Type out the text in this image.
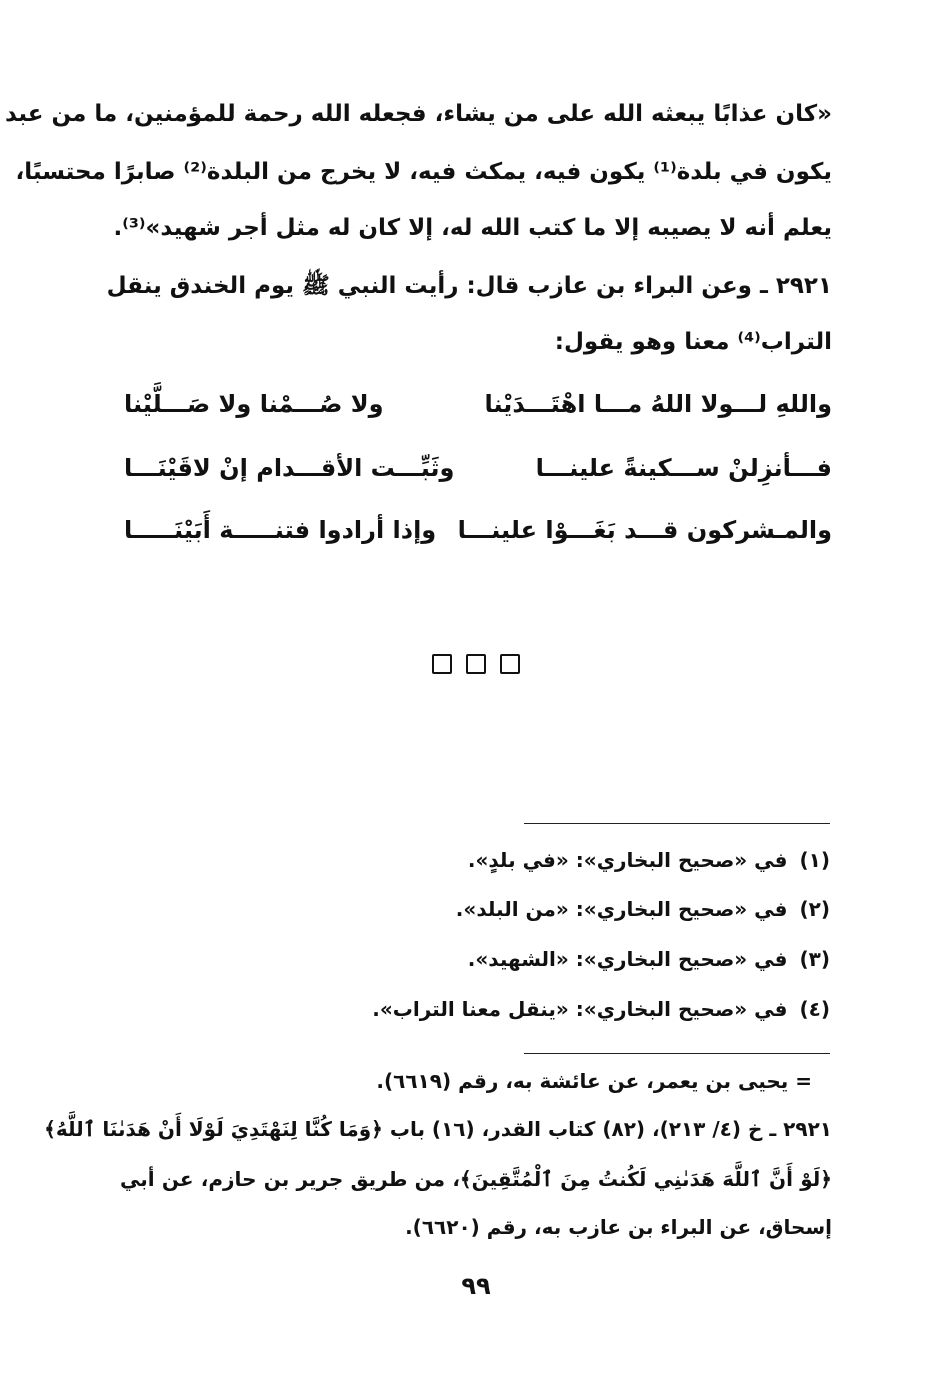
«كان عذابًا يبعثه الله على من يشاء، فجعله الله رحمة للمؤمنين، ما من عبد
يكون في بلدة⁽¹⁾ يكون فيه، يمكث فيه، لا يخرج من البلدة⁽²⁾ صابرًا محتسبًا،
يعلم أنه لا يصيبه إلا ما كتب الله له، إلا كان له مثل أجر شهيد»⁽³⁾.
٢٩٢١ ـ وعن البراء بن عازب قال: رأيت النبي ﷺ يوم الخندق ينقل
التراب⁽⁴⁾ معنا وهو يقول:
واللهِ لـــولا اللهُ مـــا اهْتَـــدَيْنا
ولا صُـــمْنا ولا صَـــلَّيْنا
فـــأنزِلنْ ســـكينةً علينـــا
وثَبِّـــت الأقـــدام إنْ لاقَيْنَـــا
والمـشركون قـــد بَغَـــوْا علينـــا
وإذا أرادوا فتنـــــة أَبَيْنَـــــا
(١)في «صحيح البخاري»: «في بلدٍ».
(٢)في «صحيح البخاري»: «من البلد».
(٣)في «صحيح البخاري»: «الشهيد».
(٤)في «صحيح البخاري»: «ينقل معنا التراب».
= يحيى بن يعمر، عن عائشة به، رقم (٦٦١٩).
٢٩٢١ ـ خ (٤/ ٢١٣)، (٨٢) كتاب القدر، (١٦) باب ﴿وَمَا كُنَّا لِنَهْتَدِيَ لَوْلَا أَنْ هَدَىٰنَا ٱللَّهُ﴾
﴿لَوْ أَنَّ ٱللَّهَ هَدَىٰنِي لَكُنتُ مِنَ ٱلْمُتَّقِينَ﴾، من طريق جرير بن حازم، عن أبي
إسحاق، عن البراء بن عازب به، رقم (٦٦٢٠).
٩٩
